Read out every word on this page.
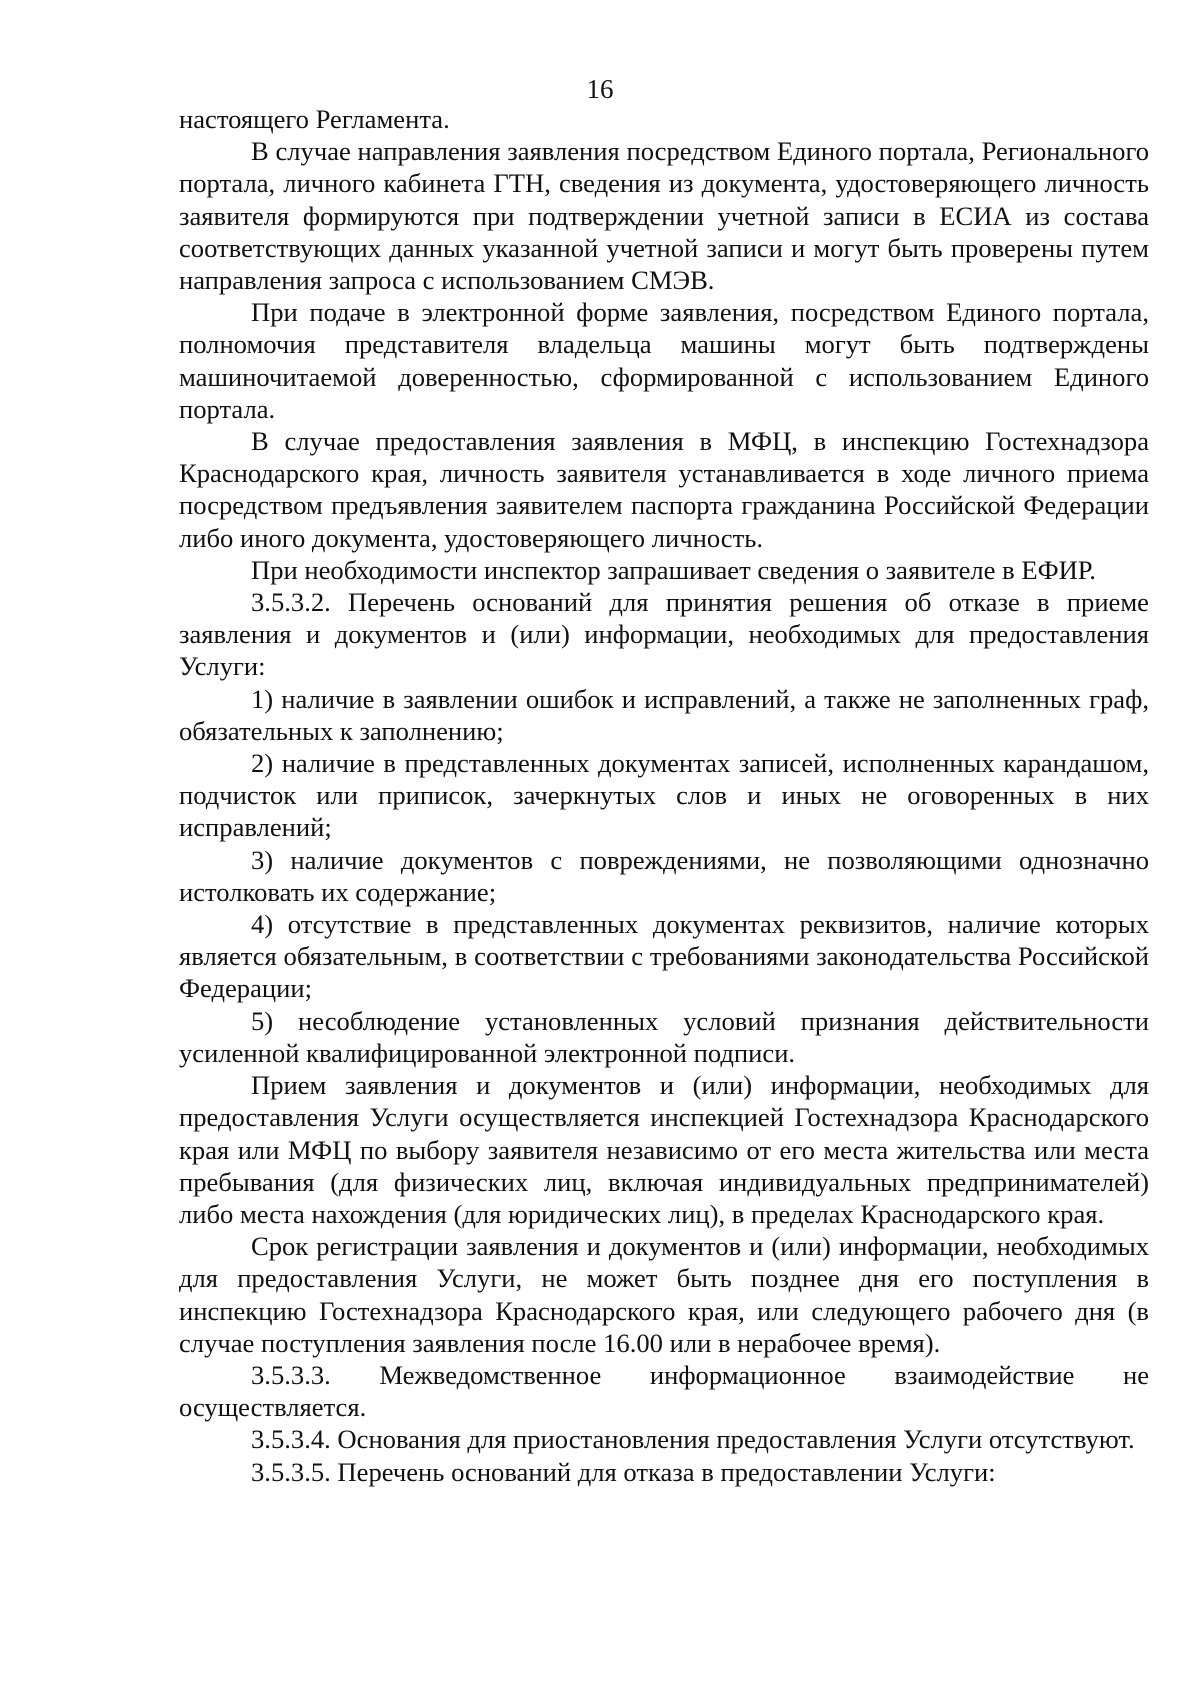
16

настоящего Регламента.

В случае направления заявления посредством Единого портала, Регионального портала, личного кабинета ГТН, сведения из документа, удостоверяющего личность заявителя формируются при подтверждении учетной записи в ЕСИА из состава соответствующих данных указанной учетной записи и могут быть проверены путем направления запроса с использованием СМЭВ.

При подаче в электронной форме заявления, посредством Единого портала, полномочия представителя владельца машины могут быть подтверждены машиночитаемой доверенностью, сформированной с использованием Единого портала.

В случае предоставления заявления в МФЦ, в инспекцию Гостехнадзора Краснодарского края, личность заявителя устанавливается в ходе личного приема посредством предъявления заявителем паспорта гражданина Российской Федерации либо иного документа, удостоверяющего личность.

При необходимости инспектор запрашивает сведения о заявителе в ЕФИР.

3.5.3.2. Перечень оснований для принятия решения об отказе в приеме заявления и документов и (или) информации, необходимых для предоставления Услуги:

1) наличие в заявлении ошибок и исправлений, а также не заполненных граф, обязательных к заполнению;

2) наличие в представленных документах записей, исполненных карандашом, подчисток или приписок, зачеркнутых слов и иных не оговоренных в них исправлений;

3) наличие документов с повреждениями, не позволяющими однозначно истолковать их содержание;

4) отсутствие в представленных документах реквизитов, наличие которых является обязательным, в соответствии с требованиями законодательства Российской Федерации;

5) несоблюдение установленных условий признания действительности усиленной квалифицированной электронной подписи.

Прием заявления и документов и (или) информации, необходимых для предоставления Услуги осуществляется инспекцией Гостехнадзора Краснодарского края или МФЦ по выбору заявителя независимо от его места жительства или места пребывания (для физических лиц, включая индивидуальных предпринимателей) либо места нахождения (для юридических лиц), в пределах Краснодарского края.

Срок регистрации заявления и документов и (или) информации, необходимых для предоставления Услуги, не может быть позднее дня его поступления в инспекцию Гостехнадзора Краснодарского края, или следующего рабочего дня (в случае поступления заявления после 16.00 или в нерабочее время).

3.5.3.3. Межведомственное информационное взаимодействие не осуществляется.

3.5.3.4. Основания для приостановления предоставления Услуги отсутствуют.

3.5.3.5. Перечень оснований для отказа в предоставлении Услуги:
